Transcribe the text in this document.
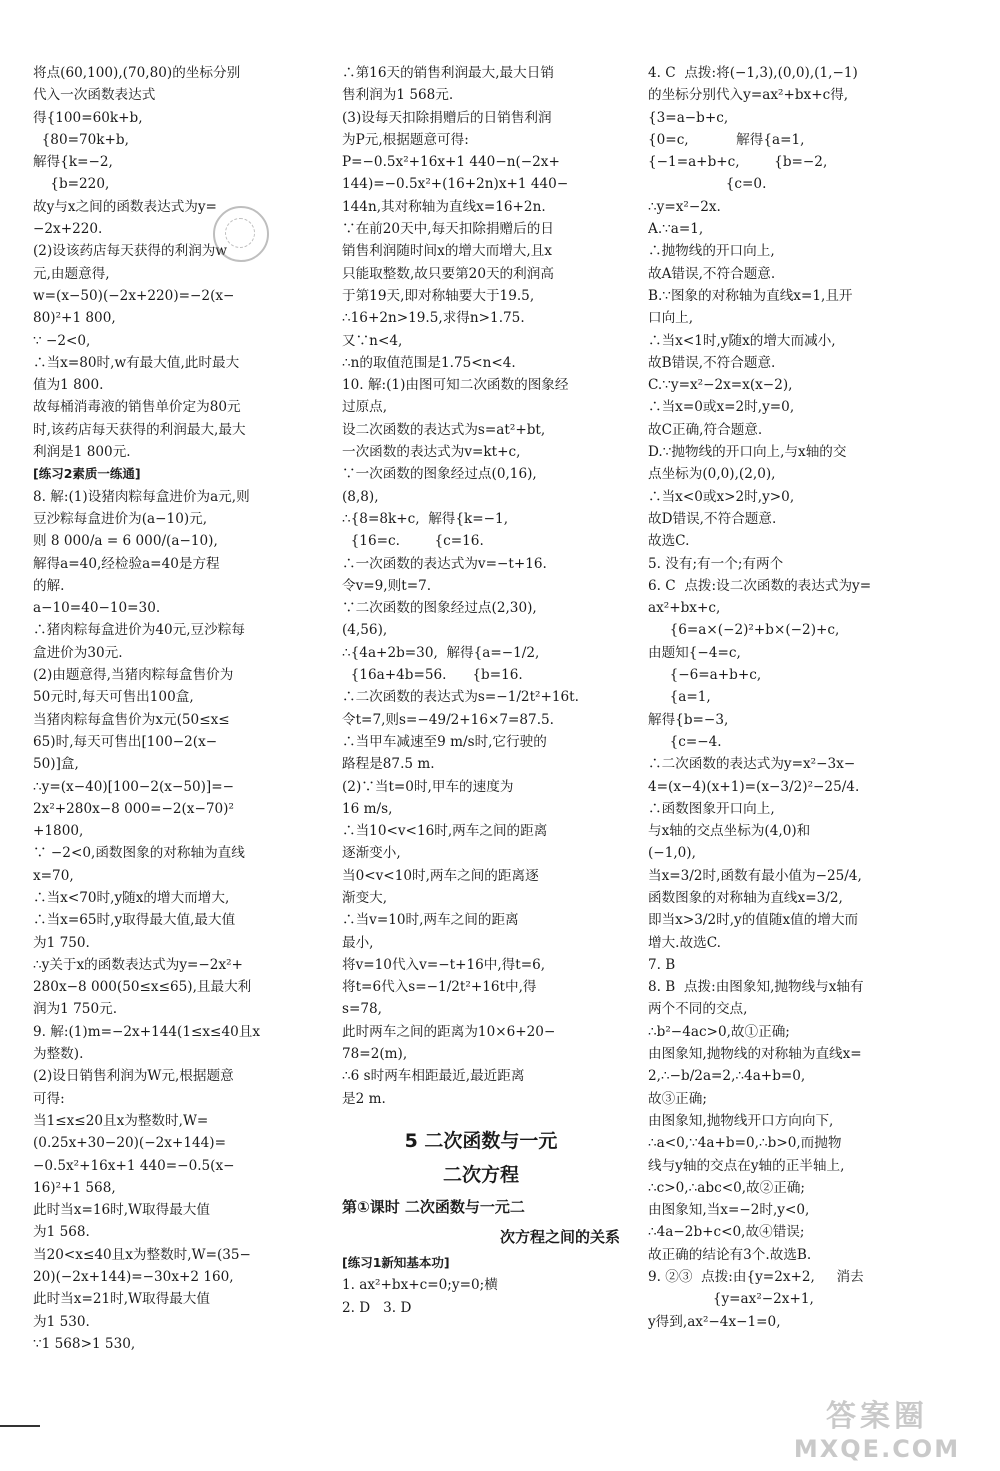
将点(60,100),(70,80)的坐标分别
代入一次函数表达式
得{100=60k+b,
{80=70k+b,
解得{k=−2,
{b=220,
故y与x之间的函数表达式为y=
−2x+220.
(2)设该药店每天获得的利润为w
元,由题意得,
w=(x−50)(−2x+220)=−2(x−
80)²+1 800,
∵ −2<0,
∴当x=80时,w有最大值,此时最大
值为1 800.
故每桶消毒液的销售单价定为80元
时,该药店每天获得的利润最大,最大
利润是1 800元.
[练习2素质一练通]
8. 解:(1)设猪肉粽每盒进价为a元,则
豆沙粽每盒进价为(a−10)元,
则 8 000/a = 6 000/(a−10),
解得a=40,经检验a=40是方程
的解.
a−10=40−10=30.
∴猪肉粽每盒进价为40元,豆沙粽每
盒进价为30元.
(2)由题意得,当猪肉粽每盒售价为
50元时,每天可售出100盒,
当猪肉粽每盒售价为x元(50≤x≤
65)时,每天可售出[100−2(x−
50)]盒,
∴y=(x−40)[100−2(x−50)]=−
2x²+280x−8 000=−2(x−70)²
+1800,
∵ −2<0,函数图象的对称轴为直线
x=70,
∴当x<70时,y随x的增大而增大,
∴当x=65时,y取得最大值,最大值
为1 750.
∴y关于x的函数表达式为y=−2x²+
280x−8 000(50≤x≤65),且最大利
润为1 750元.
9. 解:(1)m=−2x+144(1≤x≤40且x
为整数).
(2)设日销售利润为W元,根据题意
可得:
当1≤x≤20且x为整数时,W=
(0.25x+30−20)(−2x+144)=
−0.5x²+16x+1 440=−0.5(x−
16)²+1 568,
此时当x=16时,W取得最大值
为1 568.
当20<x≤40且x为整数时,W=(35−
20)(−2x+144)=−30x+2 160,
此时当x=21时,W取得最大值
为1 530.
∵1 568>1 530,
∴第16天的销售利润最大,最大日销
售利润为1 568元.
(3)设每天扣除捐赠后的日销售利润
为P元,根据题意可得:
P=−0.5x²+16x+1 440−n(−2x+
144)=−0.5x²+(16+2n)x+1 440−
144n,其对称轴为直线x=16+2n.
∵在前20天中,每天扣除捐赠后的日
销售利润随时间x的增大而增大,且x
只能取整数,故只要第20天的利润高
于第19天,即对称轴要大于19.5,
∴16+2n>19.5,求得n>1.75.
又∵n<4,
∴n的取值范围是1.75<n<4.
10. 解:(1)由图可知二次函数的图象经
过原点,
设二次函数的表达式为s=at²+bt,
一次函数的表达式为v=kt+c,
∵一次函数的图象经过点(0,16),
(8,8),
∴{8=8k+c,  解得{k=−1,
{16=c.        {c=16.
∴一次函数的表达式为v=−t+16.
令v=9,则t=7.
∵二次函数的图象经过点(2,30),
(4,56),
∴{4a+2b=30,  解得{a=−1/2,
{16a+4b=56.      {b=16.
∴二次函数的表达式为s=−1/2t²+16t.
令t=7,则s=−49/2+16×7=87.5.
∴当甲车减速至9 m/s时,它行驶的
路程是87.5 m.
(2)∵当t=0时,甲车的速度为
16 m/s,
∴当10<v<16时,两车之间的距离
逐渐变小,
当0<v<10时,两车之间的距离逐
渐变大,
∴当v=10时,两车之间的距离
最小,
将v=10代入v=−t+16中,得t=6,
将t=6代入s=−1/2t²+16t中,得
s=78,
此时两车之间的距离为10×6+20−
78=2(m),
∴6 s时两车相距最近,最近距离
是2 m.
5 二次函数与一元
二次方程
第①课时 二次函数与一元二
次方程之间的关系
[练习1新知基本功]
1. ax²+bx+c=0;y=0;横
2. D   3. D
4. C  点拨:将(−1,3),(0,0),(1,−1)
的坐标分别代入y=ax²+bx+c得,
{3=a−b+c,
{0=c,           解得{a=1,
{−1=a+b+c,        {b=−2,
{c=0.
∴y=x²−2x.
A.∵a=1,
∴抛物线的开口向上,
故A错误,不符合题意.
B.∵图象的对称轴为直线x=1,且开
口向上,
∴当x<1时,y随x的增大而减小,
故B错误,不符合题意.
C.∵y=x²−2x=x(x−2),
∴当x=0或x=2时,y=0,
故C正确,符合题意.
D.∵抛物线的开口向上,与x轴的交
点坐标为(0,0),(2,0),
∴当x<0或x>2时,y>0,
故D错误,不符合题意.
故选C.
5. 没有;有一个;有两个
6. C  点拨:设二次函数的表达式为y=
ax²+bx+c,
{6=a×(−2)²+b×(−2)+c,
由题知{−4=c,
{−6=a+b+c,
{a=1,
解得{b=−3,
{c=−4.
∴二次函数的表达式为y=x²−3x−
4=(x−4)(x+1)=(x−3/2)²−25/4.
∴函数图象开口向上,
与x轴的交点坐标为(4,0)和
(−1,0),
当x=3/2时,函数有最小值为−25/4,
函数图象的对称轴为直线x=3/2,
即当x>3/2时,y的值随x值的增大而
增大.故选C.
7. B
8. B  点拨:由图象知,抛物线与x轴有
两个不同的交点,
∴b²−4ac>0,故①正确;
由图象知,抛物线的对称轴为直线x=
2,∴−b/2a=2,∴4a+b=0,
故③正确;
由图象知,抛物线开口方向向下,
∴a<0,∵4a+b=0,∴b>0,而抛物
线与y轴的交点在y轴的正半轴上,
∴c>0,∴abc<0,故②正确;
由图象知,当x=−2时,y<0,
∴4a−2b+c<0,故④错误;
故正确的结论有3个.故选B.
9. ②③  点拨:由{y=2x+2,     消去
{y=ax²−2x+1,
y得到,ax²−4x−1=0,
答案圈
MXQE.COM
